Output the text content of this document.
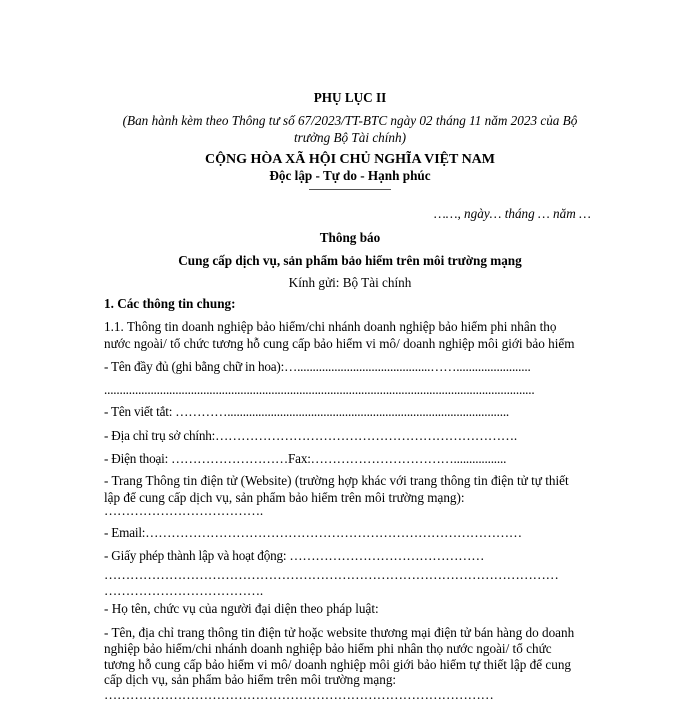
PHỤ LỤC II
(Ban hành kèm theo Thông tư số 67/2023/TT-BTC ngày 02 tháng 11 năm 2023 của Bộ
trưởng Bộ Tài chính)
CỘNG HÒA XÃ HỘI CHỦ NGHĨA VIỆT NAM
Độc lập - Tự do - Hạnh phúc
……, ngày… tháng … năm …
Thông báo
Cung cấp dịch vụ, sản phẩm bảo hiểm trên môi trường mạng
Kính gửi: Bộ Tài chính
1. Các thông tin chung:
1.1. Thông tin doanh nghiệp bảo hiểm/chi nhánh doanh nghiệp bảo hiểm phi nhân thọ
nước ngoài/ tổ chức tương hỗ cung cấp bảo hiểm vi mô/ doanh nghiệp môi giới bảo hiểm
- Tên đầy đủ (ghi bằng chữ in hoa):…...........................................……........................
...........................................................................................................................................
- Tên viết tắt: …………...........................................................................................
- Địa chỉ trụ sở chính:…………………………………………………………….
- Điện thoại: ………………………Fax:…………………………….................
- Trang Thông tin điện tử (Website) (trường hợp khác với trang thông tin điện tử tự thiết
lập để cung cấp dịch vụ, sản phẩm bảo hiểm trên môi trường mạng):
……………………………….
- Email:……………………………………………………………………………
- Giấy phép thành lập và hoạt động: ………………………………………
……………………………………………………………………………………………
……………………………….
- Họ tên, chức vụ của người đại diện theo pháp luật:
- Tên, địa chỉ trang thông tin điện tử hoặc website thương mại điện tử bán hàng do doanh
nghiệp bảo hiểm/chi nhánh doanh nghiệp bảo hiểm phi nhân thọ nước ngoài/ tổ chức
tương hỗ cung cấp bảo hiểm vi mô/ doanh nghiệp môi giới bảo hiểm tự thiết lập để cung
cấp dịch vụ, sản phẩm bảo hiểm trên môi trường mạng:
………………………………………………………………………………
